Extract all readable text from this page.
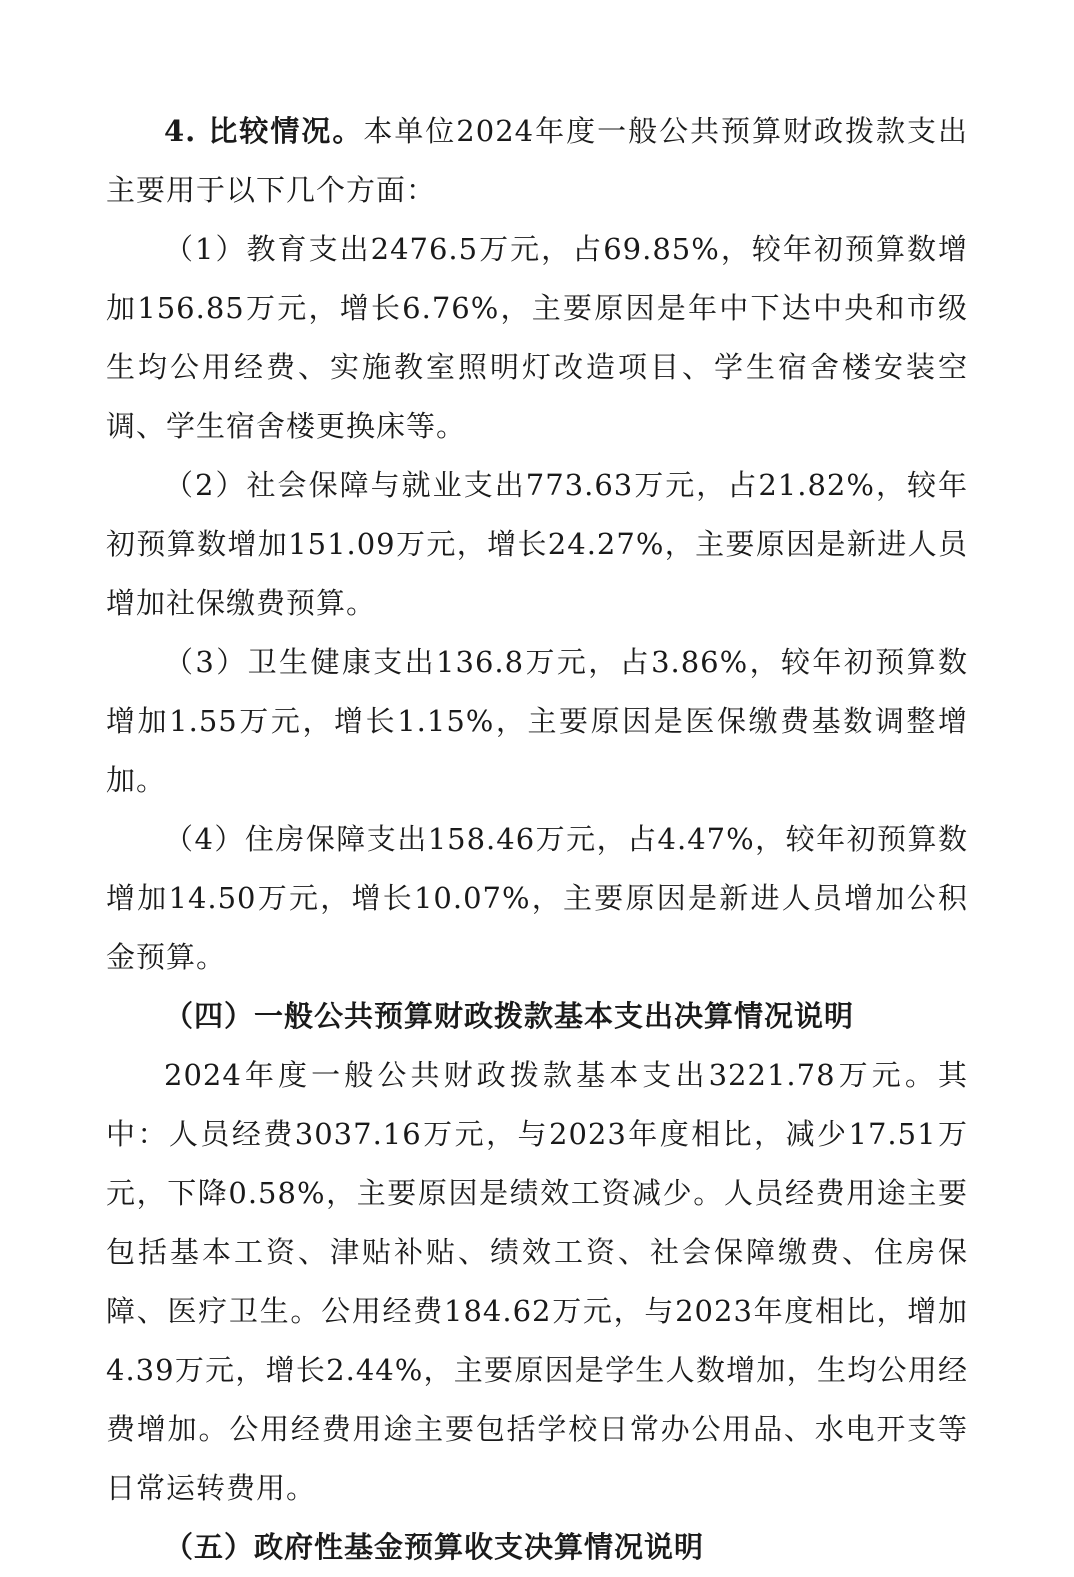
4. 比较情况。本单位2024年度一般公共预算财政拨款支出主要用于以下几个方面：

（1）教育支出2476.5万元，占69.85%，较年初预算数增加156.85万元，增长6.76%，主要原因是年中下达中央和市级生均公用经费、实施教室照明灯改造项目、学生宿舍楼安装空调、学生宿舍楼更换床等。

（2）社会保障与就业支出773.63万元，占21.82%，较年初预算数增加151.09万元，增长24.27%，主要原因是新进人员增加社保缴费预算。

（3）卫生健康支出136.8万元，占3.86%，较年初预算数增加1.55万元，增长1.15%，主要原因是医保缴费基数调整增加。

（4）住房保障支出158.46万元，占4.47%，较年初预算数增加14.50万元，增长10.07%，主要原因是新进人员增加公积金预算。

（四）一般公共预算财政拨款基本支出决算情况说明

2024年度一般公共财政拨款基本支出3221.78万元。其中：人员经费3037.16万元，与2023年度相比，减少17.51万元，下降0.58%，主要原因是绩效工资减少。人员经费用途主要包括基本工资、津贴补贴、绩效工资、社会保障缴费、住房保障、医疗卫生。公用经费184.62万元，与2023年度相比，增加4.39万元，增长2.44%，主要原因是学生人数增加，生均公用经费增加。公用经费用途主要包括学校日常办公用品、水电开支等日常运转费用。

（五）政府性基金预算收支决算情况说明
